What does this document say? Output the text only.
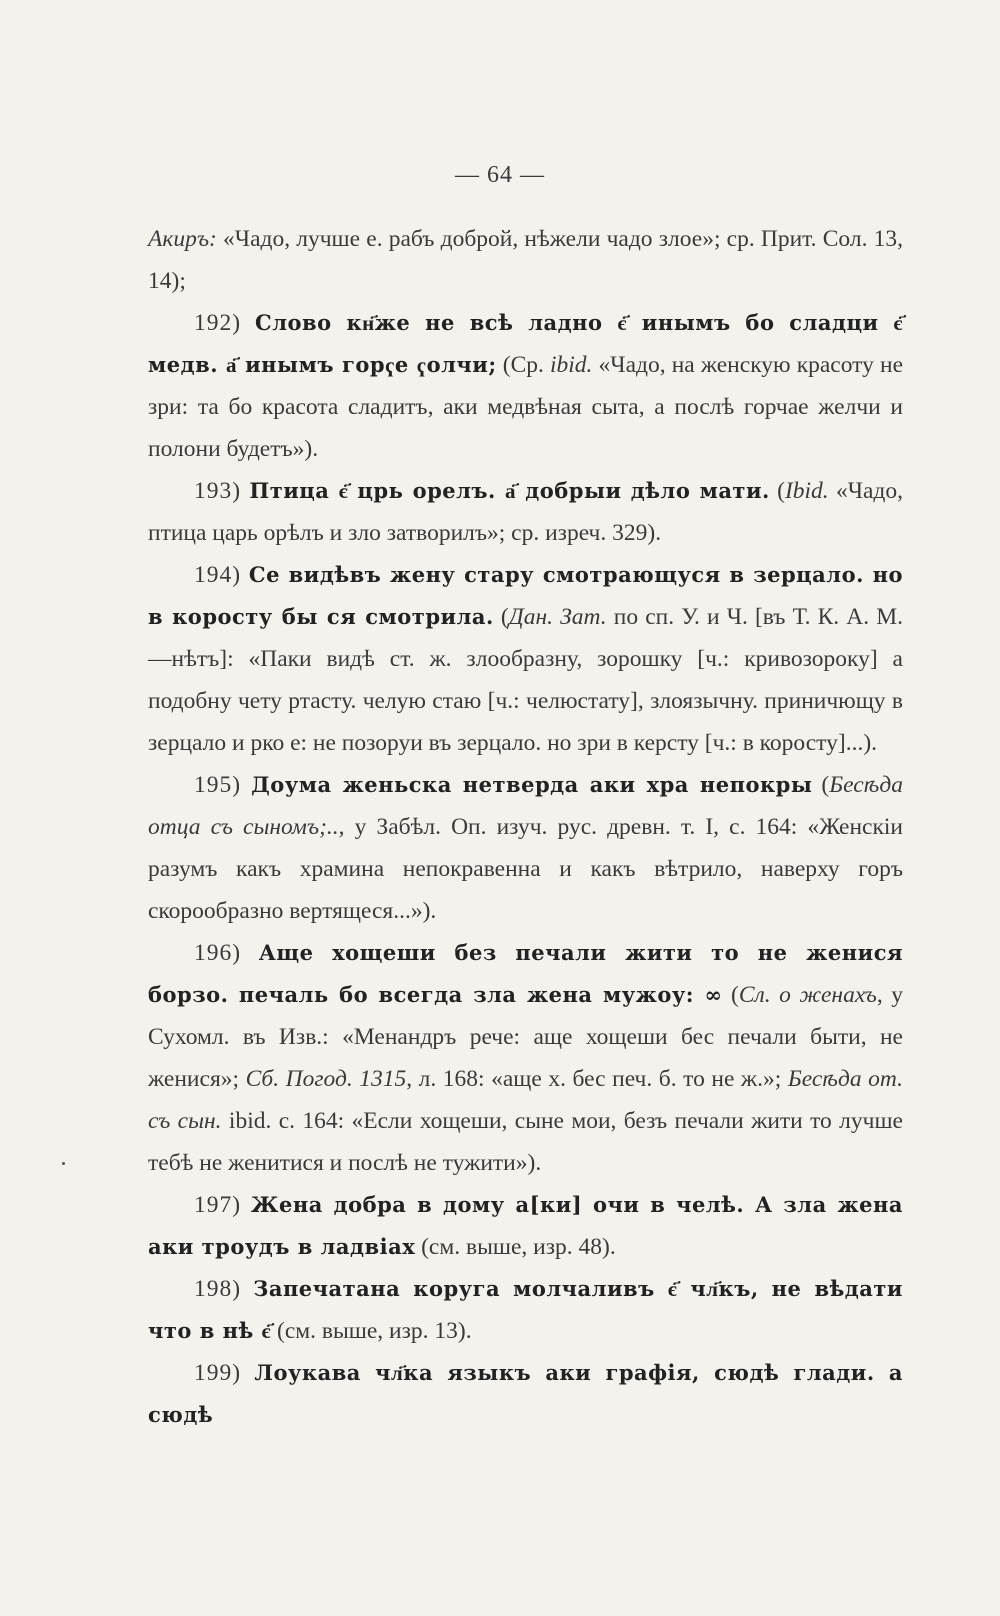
— 64 —

Акиръ: «Чадо, лучше е. рабъ доброй, нѣжели чадо злое»; ср. Прит. Сол. 13, 14);

192) Слово кн҃же не всѣ ладно є҃ инымъ бо сладци є҃ медв. а҃ инымъ горҁе ҁолчи; (Ср. ibid. «Чадо, на женскую красоту не зри: та бо красота сладитъ, аки медвѣная сыта, а послѣ горчае желчи и полони будетъ»).

193) Птица є҃ црь орелъ. а҃ добрыи дѣло мати. (Ibid. «Чадо, птица царь орѣлъ и зло затворилъ»; ср. изреч. 329).

194) Се видѣвъ жену стару смотрающуся в зерцало. но в коросту бы ся смотрила. (Дан. Зат. по сп. У. и Ч. [въ Т. К. А. М.—нѣтъ]: «Паки видѣ ст. ж. злообразну, зорошку [ч.: кривозороку] а подобну чету ртасту. челую стаю [ч.: челюстату], злоязычну. приничющу в зерцало и рко е: не позоруи въ зерцало. но зри в керсту [ч.: в коросту]...).

195) Доума женьска нетверда аки хра непокры (Бесѣда отца съ сыномъ;.., у Забѣл. Оп. изуч. рус. древн. т. I, с. 164: «Женскіи разумъ какъ храмина непокравенна и какъ вѣтрило, наверху горъ скорообразно вертящеся...»).

196) Аще хощеши без печали жити то не женися борзо. печаль бо всегда зла жена мужоу: ∞ (Сл. о женахъ, у Сухомл. въ Изв.: «Менандръ рече: аще хощеши бес печали быти, не женися»; Сб. Погод. 1315, л. 168: «аще х. бес печ. б. то не ж.»; Бесѣда от. съ сын. ibid. с. 164: «Если хощеши, сыне мои, безъ печали жити то лучше тебѣ не женитися и послѣ не тужити»).

197) Жена добра в дому а[ки] очи в челѣ. А зла жена аки троудъ в ладвіах (см. выше, изр. 48).

198) Запечатана коруга молчаливъ є҃ чл҃къ, не вѣдати что в нѣ є҃ (см. выше, изр. 13).

199) Лоукава чл҃ка языкъ аки графія, сюдѣ глади. а сюдѣ
